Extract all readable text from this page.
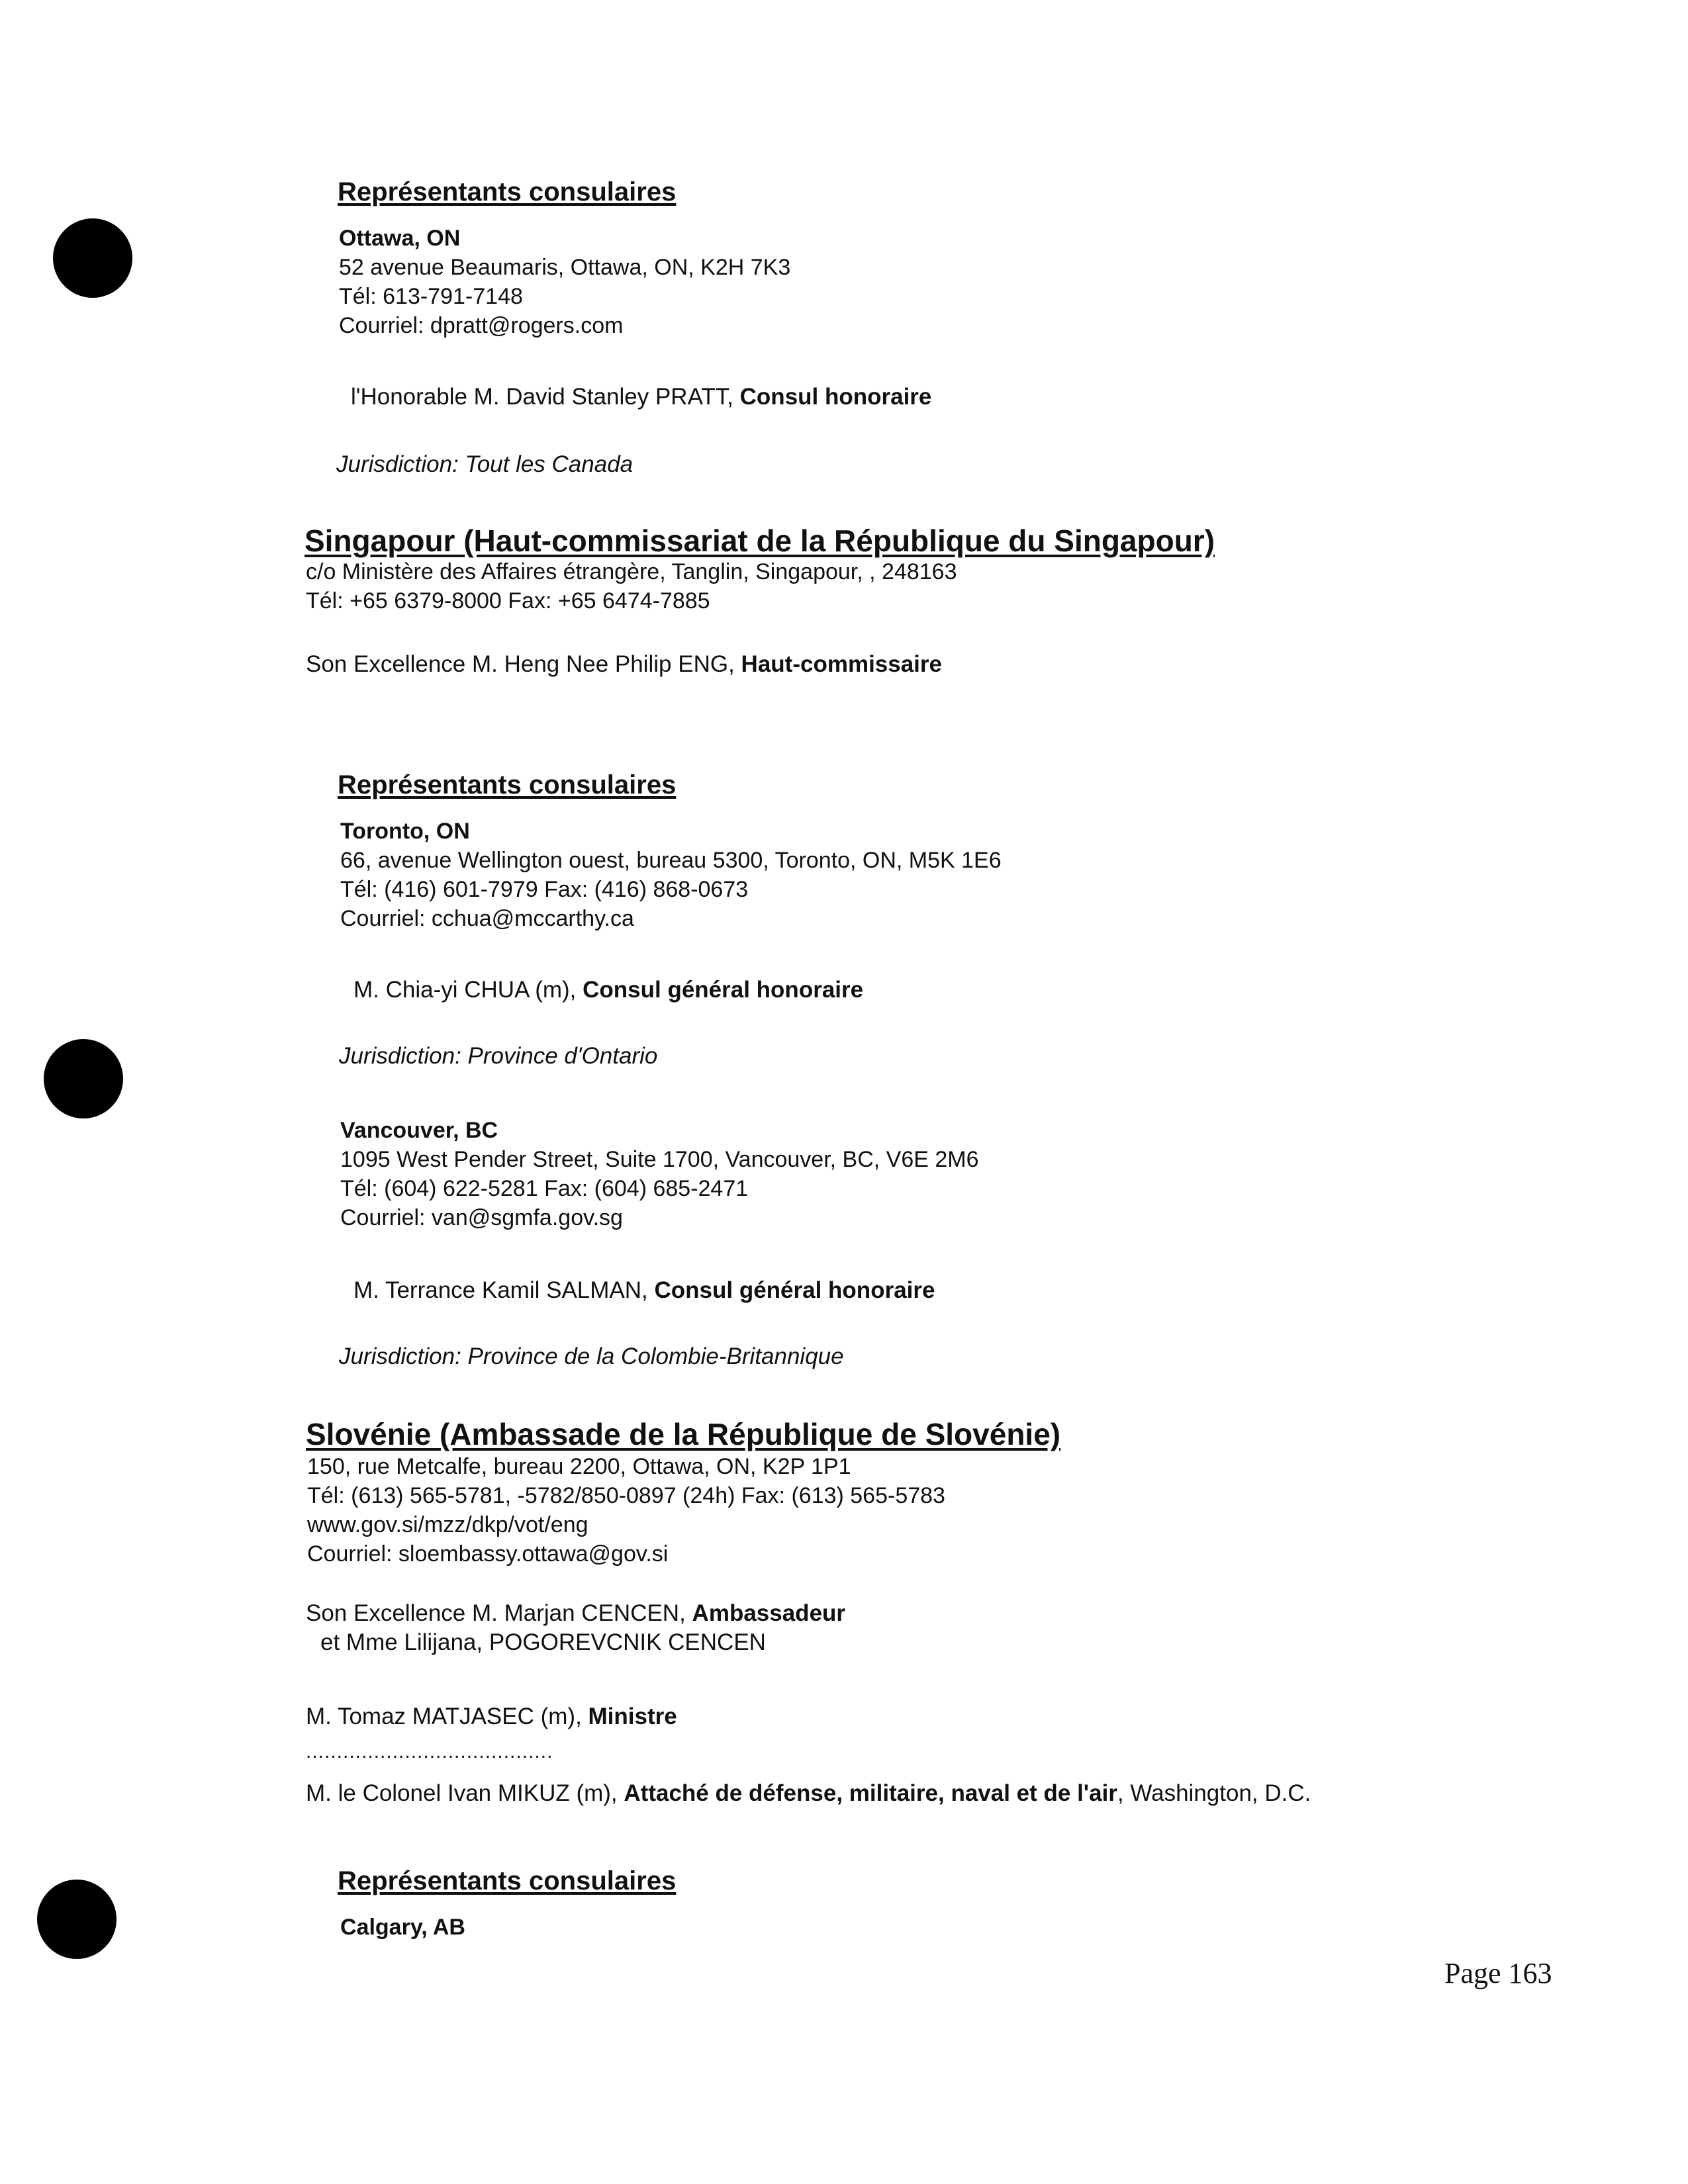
Représentants consulaires
Ottawa, ON
52 avenue Beaumaris, Ottawa, ON, K2H 7K3
Tél: 613-791-7148
Courriel: dpratt@rogers.com
l'Honorable M. David Stanley PRATT, Consul honoraire
Jurisdiction: Tout les Canada
Singapour (Haut-commissariat de la République du Singapour)
c/o Ministère des Affaires étrangère, Tanglin, Singapour, , 248163
Tél: +65 6379-8000 Fax: +65 6474-7885
Son Excellence M. Heng Nee Philip ENG, Haut-commissaire
Représentants consulaires
Toronto, ON
66, avenue Wellington ouest, bureau 5300, Toronto, ON, M5K 1E6
Tél: (416) 601-7979 Fax: (416) 868-0673
Courriel: cchua@mccarthy.ca
M. Chia-yi CHUA (m), Consul général honoraire
Jurisdiction: Province d'Ontario
Vancouver, BC
1095 West Pender Street, Suite 1700, Vancouver, BC, V6E 2M6
Tél: (604) 622-5281 Fax: (604) 685-2471
Courriel: van@sgmfa.gov.sg
M. Terrance Kamil SALMAN, Consul général honoraire
Jurisdiction: Province de la Colombie-Britannique
Slovénie (Ambassade de la République de Slovénie)
150, rue Metcalfe, bureau 2200, Ottawa, ON, K2P 1P1
Tél: (613) 565-5781, -5782/850-0897 (24h) Fax: (613) 565-5783
www.gov.si/mzz/dkp/vot/eng
Courriel: sloembassy.ottawa@gov.si
Son Excellence M. Marjan CENCEN, Ambassadeur
et Mme Lilijana, POGOREVCNIK CENCEN
M. Tomaz MATJASEC (m), Ministre
........................................
M. le Colonel Ivan MIKUZ (m), Attaché de défense, militaire, naval et de l'air, Washington, D.C.
Représentants consulaires
Calgary, AB
Page 163
